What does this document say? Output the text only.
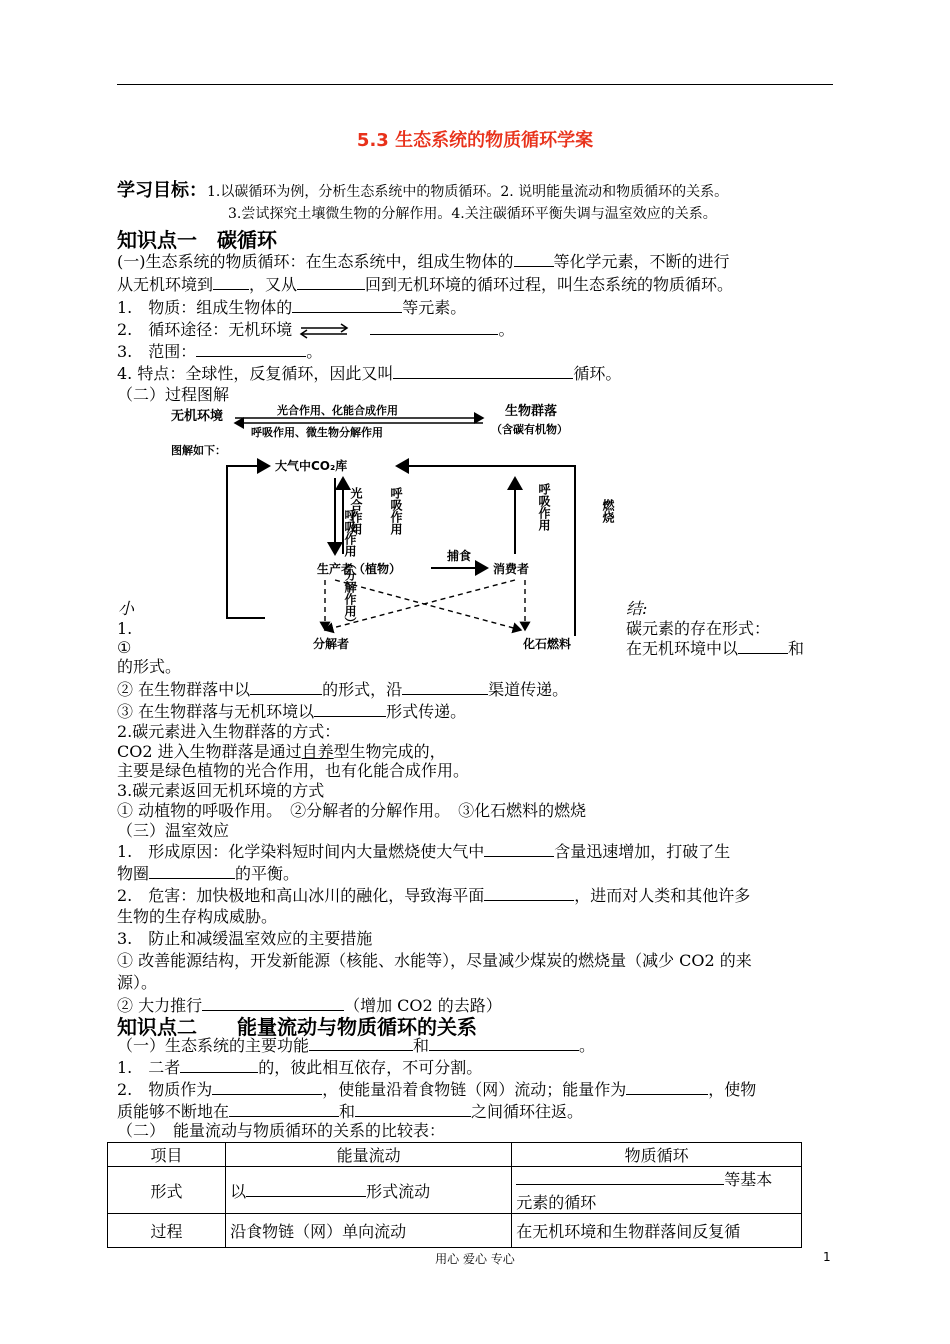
5.3 生态系统的物质循环学案
学习目标：1.以碳循环为例，分析生态系统中的物质循环。2. 说明能量流动和物质循环的关系。
3.尝试探究土壤微生物的分解作用。4.关注碳循环平衡失调与温室效应的关系。
知识点一　碳循环
(一)生态系统的物质循环：在生态系统中，组成生物体的	等化学元素，不断的进行
从无机环境到 ，又从	回到无机环境的循环过程，叫生态系统的物质循环。
1.　物质：组成生物体的	等元素。
2.　循环途径：无机环境	。
3.　范围：	。
4. 特点：全球性，反复循环，因此又叫	循环。
（二）过程图解
无机环境	光合作用、化能合成作用
呼吸作用、微生物分解作用
生物群落
（含碳有机物）
图解如下：
大气中CO₂库
呼吸作用（分解作用）
燃烧
光合作用
呼吸作用	呼吸作用
生产者（植物）
捕食
消费者
分解者	化石燃料
小	结:
1.	碳元素的存在形式：
①	在无机环境中以	和
的形式。
② 在生物群落中以	的形式，沿	渠道传递。
③ 在生物群落与无机环境以	形式传递。
2.碳元素进入生物群落的方式：
CO2 进入生物群落是通过自养型生物完成的，
主要是绿色植物的光合作用，也有化能合成作用。
3.碳元素返回无机环境的方式
① 动植物的呼吸作用。　②分解者的分解作用。　③化石燃料的燃烧
（三）温室效应
1.　形成原因：化学染料短时间内大量燃烧使大气中	含量迅速增加，打破了生
物圈	的平衡。
2.　危害：加快极地和高山冰川的融化，导致海平面	，进而对人类和其他许多
生物的生存构成威胁。
3.　防止和减缓温室效应的主要措施
① 改善能源结构，开发新能源（核能、水能等），尽量减少煤炭的燃烧量（减少 CO2 的来
源）。
② 大力推行	（增加 CO2 的去路）
知识点二　　能量流动与物质循环的关系
（一）生态系统的主要功能	和	。
1.　二者	的，彼此相互依存，不可分割。
2.　物质作为	，使能量沿着食物链（网）流动；能量作为	，使物
质能够不断地在	和	之间循环往返。
（二）　能量流动与物质循环的关系的比较表：
项目	能量流动	物质循环
形式	以 形式流动	等基本
元素的循环
过程	沿食物链（网）单向流动	在无机环境和生物群落间反复循
用心 爱心 专心	1
